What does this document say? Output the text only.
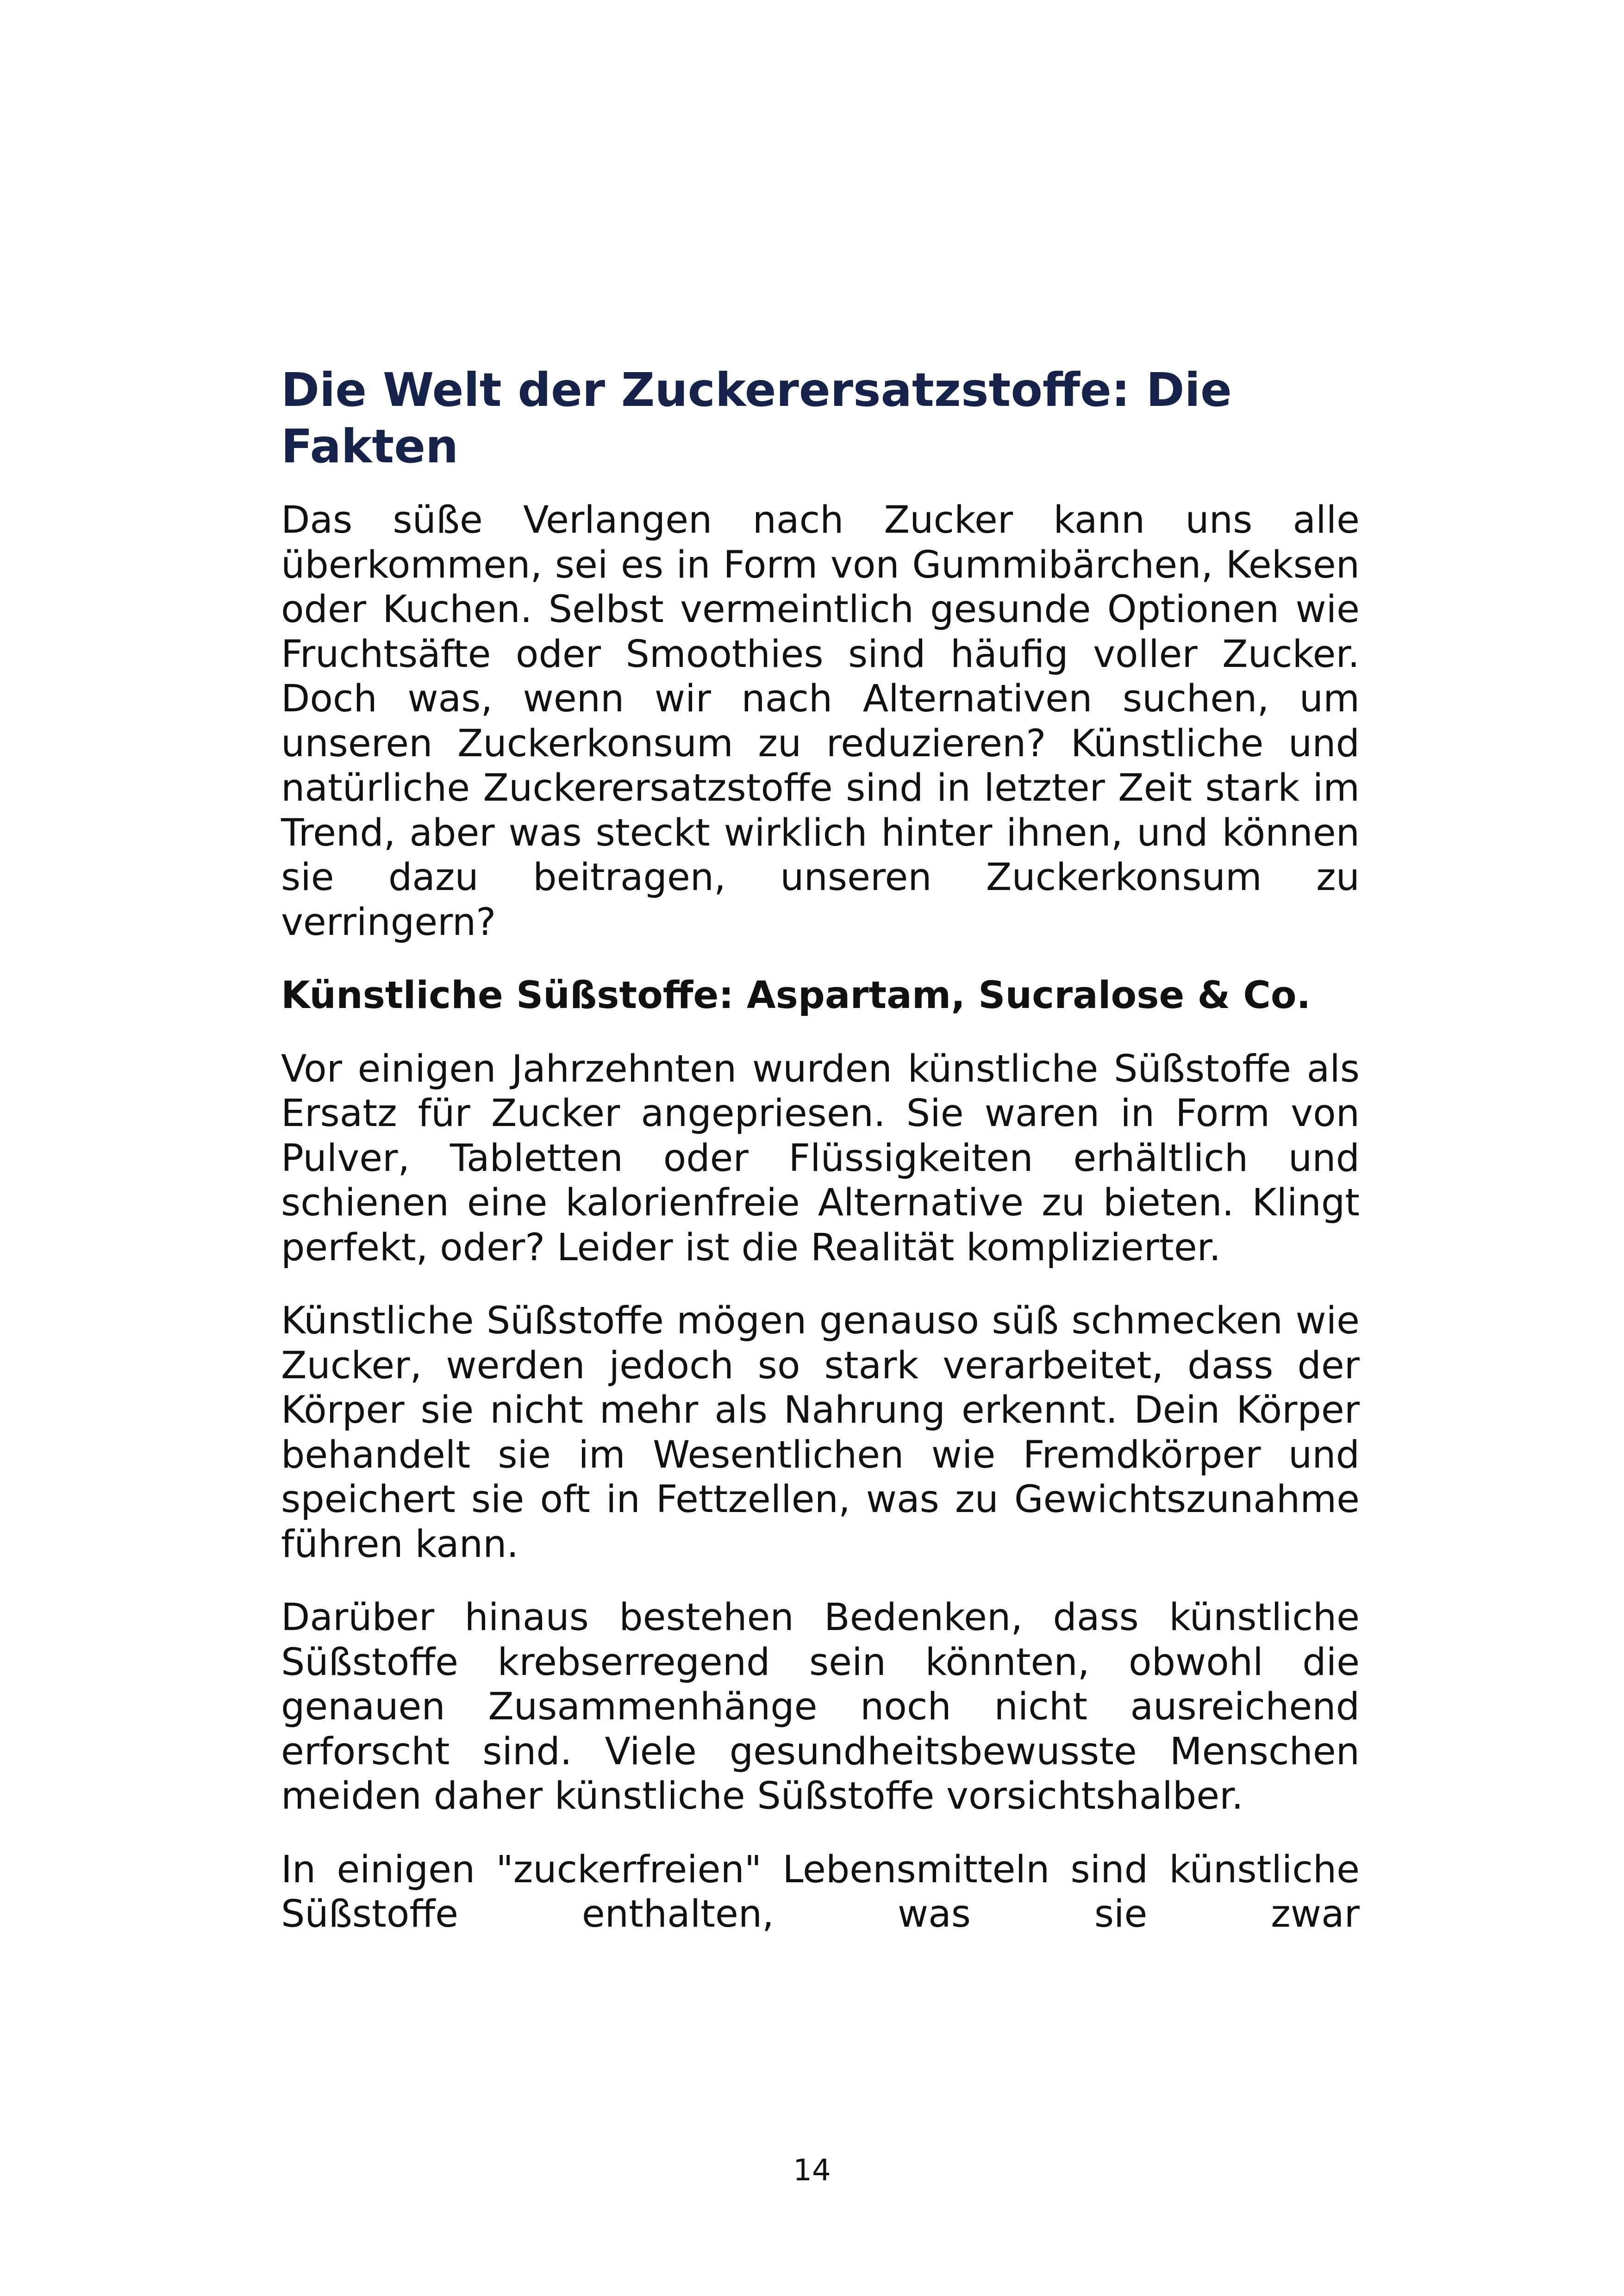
Die Welt der Zuckerersatzstoffe: Die Fakten

Das süße Verlangen nach Zucker kann uns alle überkommen, sei es in Form von Gummibärchen, Keksen oder Kuchen. Selbst vermeintlich gesunde Optionen wie Fruchtsäfte oder Smoothies sind häufig voller Zucker. Doch was, wenn wir nach Alternativen suchen, um unseren Zuckerkonsum zu reduzieren? Künstliche und natürliche Zuckerersatzstoffe sind in letzter Zeit stark im Trend, aber was steckt wirklich hinter ihnen, und können sie dazu beitragen, unseren Zuckerkonsum zu verringern?

Künstliche Süßstoffe: Aspartam, Sucralose & Co.

Vor einigen Jahrzehnten wurden künstliche Süßstoffe als Ersatz für Zucker angepriesen. Sie waren in Form von Pulver, Tabletten oder Flüssigkeiten erhältlich und schienen eine kalorienfreie Alternative zu bieten. Klingt perfekt, oder? Leider ist die Realität komplizierter.

Künstliche Süßstoffe mögen genauso süß schmecken wie Zucker, werden jedoch so stark verarbeitet, dass der Körper sie nicht mehr als Nahrung erkennt. Dein Körper behandelt sie im Wesentlichen wie Fremdkörper und speichert sie oft in Fettzellen, was zu Gewichtszunahme führen kann.

Darüber hinaus bestehen Bedenken, dass künstliche Süßstoffe krebserregend sein könnten, obwohl die genauen Zusammenhänge noch nicht ausreichend erforscht sind. Viele gesundheitsbewusste Menschen meiden daher künstliche Süßstoffe vorsichtshalber.

In einigen "zuckerfreien" Lebensmitteln sind künstliche Süßstoffe enthalten, was sie zwar

14
